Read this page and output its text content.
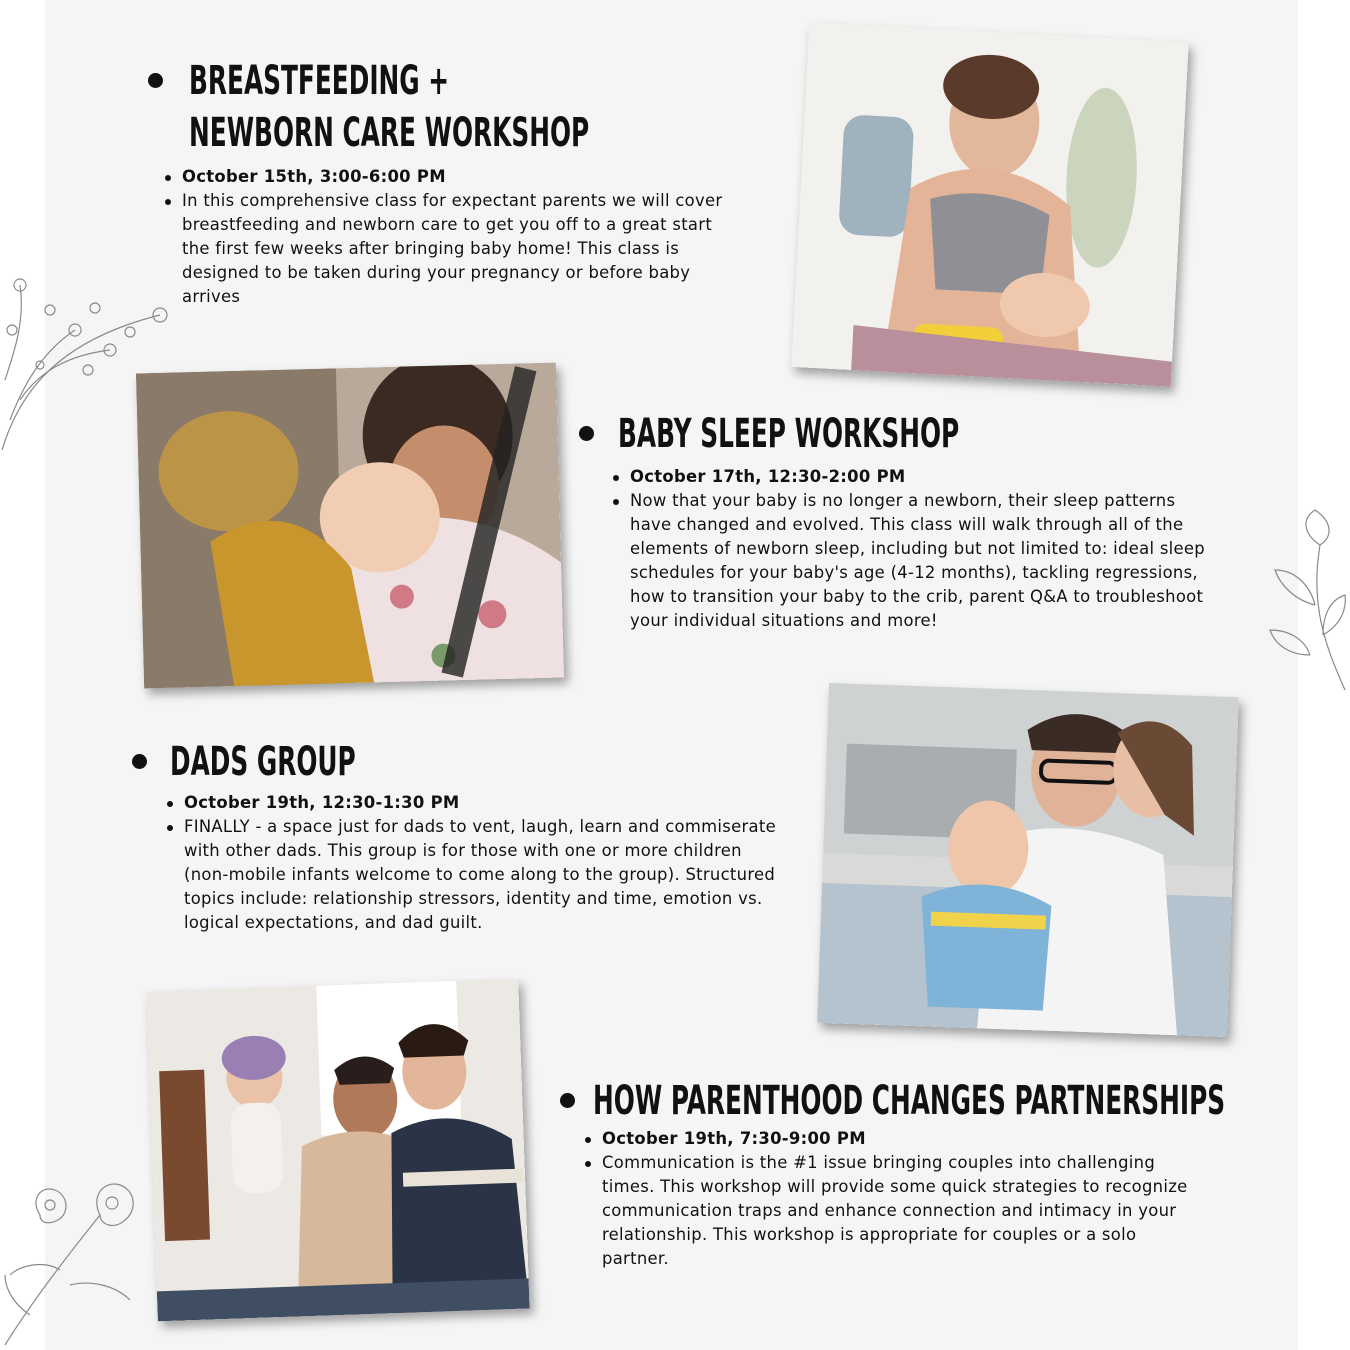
BREASTFEEDING +
NEWBORN CARE WORKSHOP
October 15th, 3:00-6:00 PM
In this comprehensive class for expectant parents we will cover breastfeeding and newborn care to get you off to a great start the first few weeks after bringing baby home! This class is designed to be taken during your pregnancy or before baby arrives
BABY SLEEP WORKSHOP
October 17th, 12:30-2:00 PM
Now that your baby is no longer a newborn, their sleep patterns have changed and evolved. This class will walk through all of the elements of newborn sleep, including but not limited to: ideal sleep schedules for your baby's age (4-12 months), tackling regressions, how to transition your baby to the crib, parent Q&A to troubleshoot your individual situations and more!
DADS GROUP
October 19th, 12:30-1:30 PM
FINALLY - a space just for dads to vent, laugh, learn and commiserate with other dads. This group is for those with one or more children (non-mobile infants welcome to come along to the group). Structured topics include: relationship stressors, identity and time, emotion vs. logical expectations, and dad guilt.
HOW PARENTHOOD CHANGES PARTNERSHIPS
October 19th, 7:30-9:00 PM
Communication is the #1 issue bringing couples into challenging times. This workshop will provide some quick strategies to recognize communication traps and enhance connection and intimacy in your relationship. This workshop is appropriate for couples or a solo partner.
